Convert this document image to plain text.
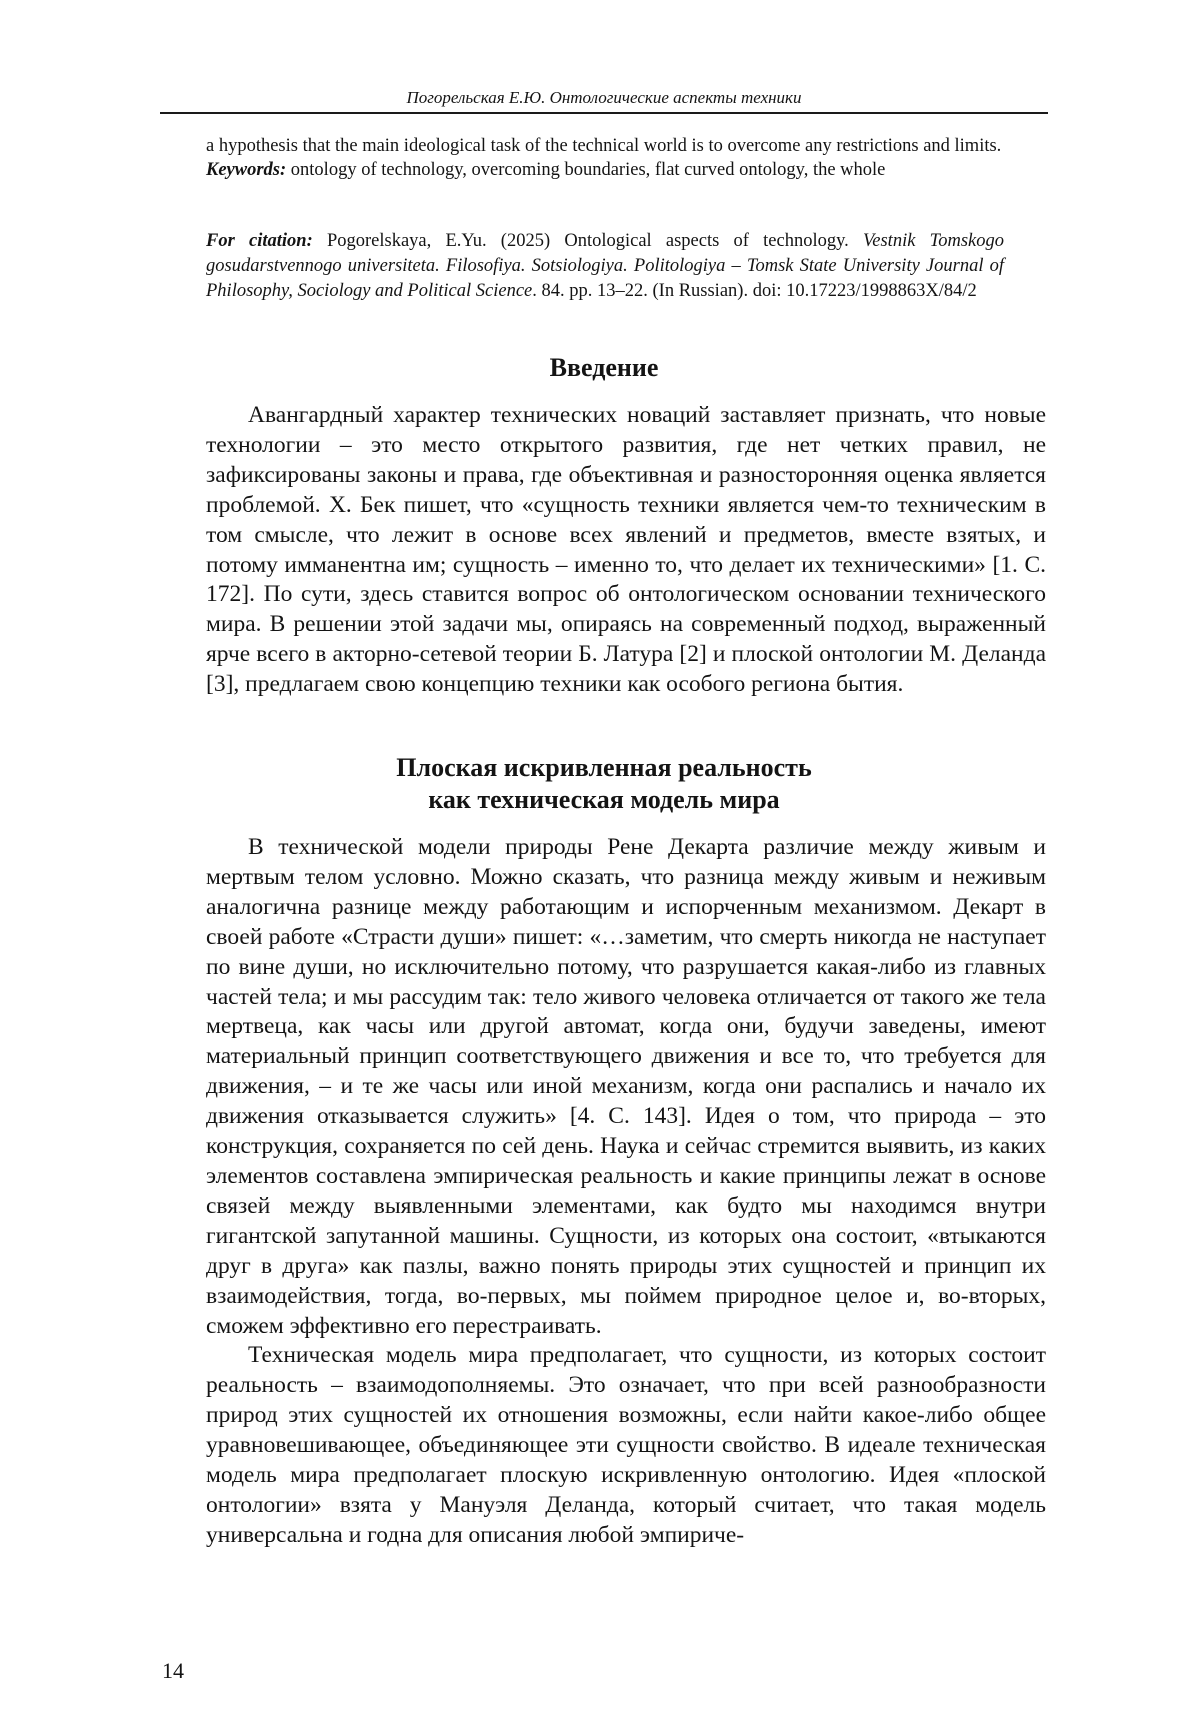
Погорельская Е.Ю. Онтологические аспекты техники

a hypothesis that the main ideological task of the technical world is to overcome any restrictions and limits.

Keywords: ontology of technology, overcoming boundaries, flat curved ontology, the whole

For citation: Pogorelskaya, E.Yu. (2025) Ontological aspects of technology. Vestnik Tomskogo gosudarstvennogo universiteta. Filosofiya. Sotsiologiya. Politologiya – Tomsk State University Journal of Philosophy, Sociology and Political Science. 84. pp. 13–22. (In Russian). doi: 10.17223/1998863X/84/2

Введение

Авангардный характер технических новаций заставляет признать, что новые технологии – это место открытого развития, где нет четких правил, не зафиксированы законы и права, где объективная и разносторонняя оценка является проблемой. Х. Бек пишет, что «сущность техники является чем-то техническим в том смысле, что лежит в основе всех явлений и предметов, вместе взятых, и потому имманентна им; сущность – именно то, что делает их техническими» [1. С. 172]. По сути, здесь ставится вопрос об онтологическом основании технического мира. В решении этой задачи мы, опираясь на современный подход, выраженный ярче всего в акторно-сетевой теории Б. Латура [2] и плоской онтологии М. Деланда [3], предлагаем свою концепцию техники как особого региона бытия.

Плоская искривленная реальность
как техническая модель мира

В технической модели природы Рене Декарта различие между живым и мертвым телом условно. Можно сказать, что разница между живым и неживым аналогична разнице между работающим и испорченным механизмом. Декарт в своей работе «Страсти души» пишет: «…заметим, что смерть никогда не наступает по вине души, но исключительно потому, что разрушается какая-либо из главных частей тела; и мы рассудим так: тело живого человека отличается от такого же тела мертвеца, как часы или другой автомат, когда они, будучи заведены, имеют материальный принцип соответствующего движения и все то, что требуется для движения, – и те же часы или иной механизм, когда они распались и начало их движения отказывается служить» [4. С. 143]. Идея о том, что природа – это конструкция, сохраняется по сей день. Наука и сейчас стремится выявить, из каких элементов составлена эмпирическая реальность и какие принципы лежат в основе связей между выявленными элементами, как будто мы находимся внутри гигантской запутанной машины. Сущности, из которых она состоит, «втыкаются друг в друга» как пазлы, важно понять природы этих сущностей и принцип их взаимодействия, тогда, во-первых, мы поймем природное целое и, во-вторых, сможем эффективно его перестраивать.

Техническая модель мира предполагает, что сущности, из которых состоит реальность – взаимодополняемы. Это означает, что при всей разнообразности природ этих сущностей их отношения возможны, если найти какое-либо общее уравновешивающее, объединяющее эти сущности свойство. В идеале техническая модель мира предполагает плоскую искривленную онтологию. Идея «плоской онтологии» взята у Мануэля Деланда, который считает, что такая модель универсальна и годна для описания любой эмпириче-

14
